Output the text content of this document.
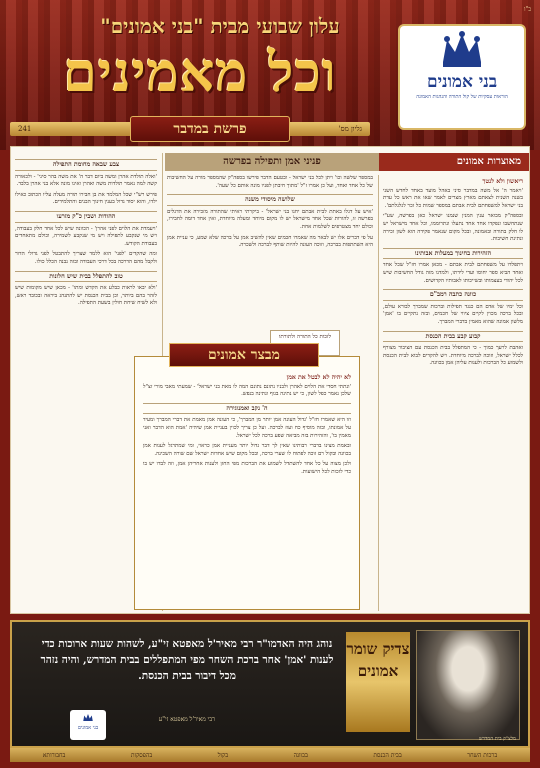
כ"ו
עלון שבועי מבית "בני אמונים"
וכל מאמינים	בני אמונים
הוראות עסקיות של קול התורה והנהגות האמונה
גליון מס'
241	פרשת במדבר
מאוצרות אמונים
פניני אמן ותפילה בפרשה
ריאשון ולא לנטך

'ויאמר ה' אל משה במדבר סיני באהל מועד באחד לחדש השני בשנה השנית לצאתם מארץ מצרים לאמר שאו את ראש כל עדת בני ישראל למשפחתם לבית אבתם במספר שמות כל זכר לגלגלתם'.

ובספה"ק מבואר ענין המנין שנמנו ישראל כאן בפרשה, שע"י שנתחשבו ונפקדו אחד אחד נתעלו ונתרוממו, וכל אחד מישראל יש לו חלק בתורה ובאמונה, ובכל מקום שנאמר פקידה הוא לשון זכירה ונתינת חשיבות.

הזהירות בחינוך במעלות אבותינו

ויתפלדו על משפחתם לבית אבתם - מכאן אמרו חז"ל שכל אחד ואחד הביא ספר יחוסו ועדי לידתו, ולמדנו מזה גודל החשיבות שיש לכל יהודי בעצמותו ובשייכותו לאבותיו הקדושים.

כוונה כתבה רמב"ם

וכל ימיו של אדם הם כנגד תפילות וברכות שמברך לבורא עולם, ובכל ברכה מכוין לקיים ציווי של חכמים, ובזה נתקיים בו 'אמן' מלשון אמונה שהוא מאמין בדברי המברך.

קבוע קבע בבית הכנסת

ואהבת לרעך כמוך - כי המתפלל בבית הכנסת עם הציבור מצורף לכלל ישראל, וזוכה לברכה מיוחדת. ויש להקדים לבוא לבית הכנסת ולשמוע כל הברכות ולענות עליהן אמן בכוונה.

במספר שלשה וכו' ויתן לכל בני ישראל - ובטעם הדבר פירשו בספה"ק שהמספר מורה על החשיבות של כל אחד ואחד, ועל כן אמרו ז"ל 'מתוך חיבתן לפניו מונה אותם כל שעה'.

שלושה מיסודי משנה

'איש על דגלו באתת לבית אבתם יחנו בני ישראל' - ביקרתי ראיתי שהתורה מזכירה את הדגלים בפרשה זו, להורות שכל אחד מישראל יש לו מקום מיוחד ומעלה מיוחדת, ואין אחד דומה לחבירו, וכולם יחד מצטרפים לשלמות אחת.

על פי דברים אלו יש לבאר מה שאמרו חכמים שאין להשיב אמן על ברכה שלא שמע, כי עניית אמן היא השתתפות בברכה, וזוכה העונה להיות שותף לברכה ולשכרה.

צבע שבאה מחומת התפילה

'ואלה תולדת אהרן ומשה ביום דבר ה' את משה בהר סיני' - ולכאורה קשה למה נאמר תולדות משה ואהרן ואינו מונה אלא בני אהרן בלבד.

פירש רש"י שכל המלמד את בן חבירו תורה מעלה עליו הכתוב כאילו ילדו, והוא יסוד גדול בענין חינוך הבנים והתלמידים.

ההודות ושבין כ"ק מזרעו

'ויעמדת את הלוים לפני אהרן' - הכוונה שיש לכל אחד חלק בעבודה, ויש מי שנקבע לתפילה ויש מי שנקבע לשמירה, וכולם מתאחדים בעבודת הקודש.

ומה שהקדים 'לפני' הוא ללמד שצריך להתבטל לפני גדולי הדור ולקבל מהם הדרכה בכל דרכי העבודה ובזה נבנה הכלל כולו.

טוב להתפלל בבית שיש חלונות

'ולא יבאו לראות כבלע את הקדש ומתו' - מכאן שיש מקומות שיש לזהר בהם ביותר, וכן בבית הכנסת יש להתנהג ביראה ובכובד ראש, ולא לשיח שיחת חולין בשעת התפילה.

לזכות כל התורה ולתורתו
מבצר אמונים
לא יהיה לא לבטל את אמן

'ונתתי חסדי את הלוים לאהרן ולבניו נתונם נתונם המה לו מאת בני ישראל' - שמעתי מאבי מורי זצ"ל שלכן נאמר כפל לשון, כי יש נתינה בגוף ונתינה בנפש.

ה' נקב ואמנוגירה

וזו היא שאמרו חז"ל 'גדול העונה אמן יותר מן המברך', כי העונה אמן מאמת את דברי המברך ומעיד על אמונתו, ובזה מוסיף כח ועוז לברכה. ועל כן צריך לכוין בעניית אמן שיהיה 'אמת הוא הדבר ואני מאמין בו', והזהירות בזה מביאה שפע ברכה לכל ישראל.

ובאמת מצינו בדברי רבותינו שאין לך דבר גדול יותר מעניית אמן כראוי, ומי שמתרגל לענות אמן בכוונה ובקול רם זוכה לפתוח לו שערי ברכה, ובכל מקום שיש אחדות ישראל שם שורה השכינה.

ולכן מצוה על כל אחד להשתדל לשמוע את הברכות מפי החזן ולענות אחריהן אמן, וזה לבדו יש בו כדי לזכות לכל הישועות.

מלצ"ק בית המדרש
צדיק שומר אמונים
נוהג היה האדמו"ר רבי מאיר'ל מאפטא זי"ע, לשהות שעות ארוכות כדי לענות 'אמן' אחר ברכת השחר מפי המתפללים בבית המדרש, והיה נזהר מכל דיבור בבית הכנסת.
רבי מאיר'ל מאפטא זי"ע
בני אמונים
ברכות השחר
בבית הכנסת
בכוונה
בקול
בהפסקות
בחבורותא
